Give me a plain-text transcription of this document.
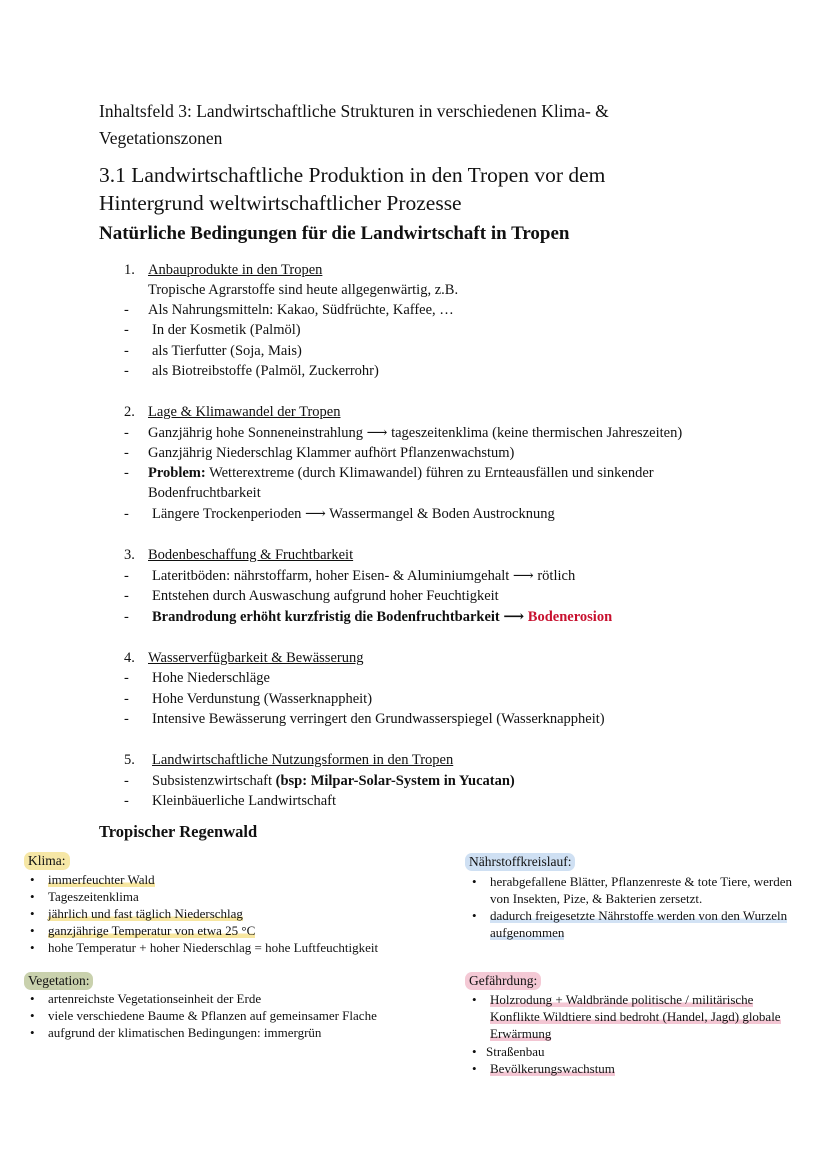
Inhaltsfeld 3: Landwirtschaftliche Strukturen in verschiedenen Klima- &
Vegetationszonen
3.1 Landwirtschaftliche Produktion in den Tropen vor dem
Hintergrund weltwirtschaftlicher Prozesse
Natürliche Bedingungen für die Landwirtschaft in Tropen
1. Anbauprodukte in den Tropen
Tropische Agrarstoffe sind heute allgegenwärtig, z.B.
- Als Nahrungsmitteln: Kakao, Südfrüchte, Kaffee, …
- In der Kosmetik (Palmöl)
- als Tierfutter (Soja, Mais)
- als Biotreibstoffe (Palmöl, Zuckerrohr)
2. Lage & Klimawandel der Tropen
- Ganzjährig hohe Sonneneinstrahlung ⟶ tageszeitenklima (keine thermischen Jahreszeiten)
- Ganzjährig Niederschlag Klammer aufhört Pflanzenwachstum)
- Problem: Wetterextreme (durch Klimawandel) führen zu Ernteausfällen und sinkender
Bodenfruchtbarkeit
- Längere Trockenperioden ⟶ Wassermangel & Boden Austrocknung
3. Bodenbeschaffung & Fruchtbarkeit
- Lateritböden: nährstoffarm, hoher Eisen- & Aluminiumgehalt ⟶ rötlich
- Entstehen durch Auswaschung aufgrund hoher Feuchtigkeit
- Brandrodung erhöht kurzfristig die Bodenfruchtbarkeit ⟶ Bodenerosion
4. Wasserverfügbarkeit & Bewässerung
- Hohe Niederschläge
- Hohe Verdunstung (Wasserknappheit)
- Intensive Bewässerung verringert den Grundwasserspiegel (Wasserknappheit)
5. Landwirtschaftliche Nutzungsformen in den Tropen
- Subsistenzwirtschaft (bsp: Milpar-Solar-System in Yucatan)
- Kleinbäuerliche Landwirtschaft
Tropischer Regenwald
Klima:
• immerfeuchter Wald
• Tageszeitenklima
• jährlich und fast täglich Niederschlag
• ganzjährige Temperatur von etwa 25 °C
• hohe Temperatur + hoher Niederschlag = hohe Luftfeuchtigkeit
Vegetation:
• artenreichste Vegetationseinheit der Erde
• viele verschiedene Baume & Pflanzen auf gemeinsamer Flache
• aufgrund der klimatischen Bedingungen: immergrün
Nährstoffkreislauf:
• herabgefallene Blätter, Pflanzenreste & tote Tiere, werden
von Insekten, Pize, & Bakterien zersetzt.
• dadurch freigesetzte Nährstoffe werden von den Wurzeln
aufgenommen
Gefährdung:
• Holzrodung + Waldbrände politische / militärische
Konflikte Wildtiere sind bedroht (Handel, Jagd) globale
Erwärmung
• Straßenbau
• Bevölkerungswachstum
